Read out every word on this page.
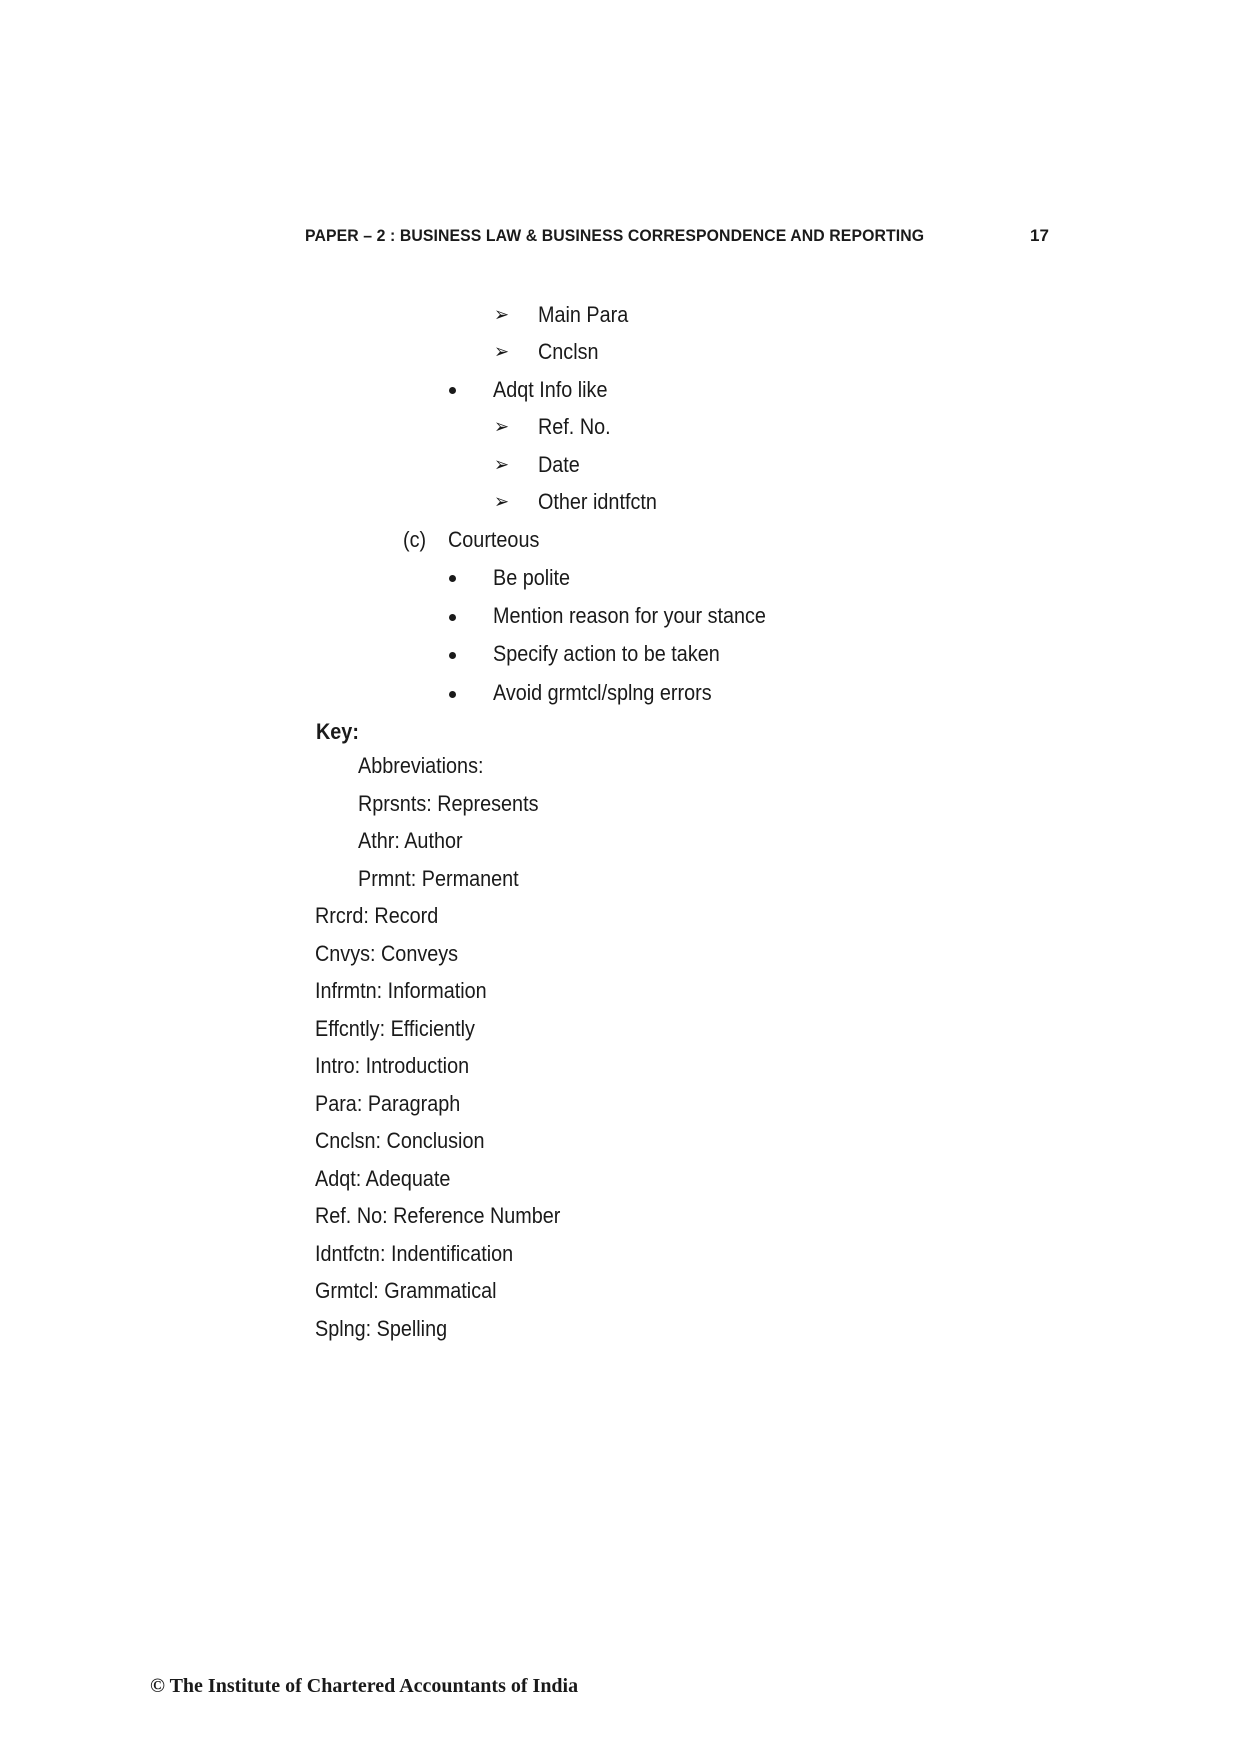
PAPER – 2 : BUSINESS LAW & BUSINESS CORRESPONDENCE AND REPORTING	17
➢ Main Para
➢ Cnclsn
Adqt Info like
➢ Ref. No.
➢ Date
➢ Other idntfctn
(c) Courteous
Be polite
Mention reason for your stance
Specify action to be taken
Avoid grmtcl/splng errors
Key:
Abbreviations:
Rprsnts: Represents
Athr: Author
Prmnt: Permanent
Rrcrd: Record
Cnvys: Conveys
Infrmtn: Information
Effcntly: Efficiently
Intro: Introduction
Para: Paragraph
Cnclsn: Conclusion
Adqt: Adequate
Ref. No: Reference Number
Idntfctn: Indentification
Grmtcl: Grammatical
Splng: Spelling
© The Institute of Chartered Accountants of India
